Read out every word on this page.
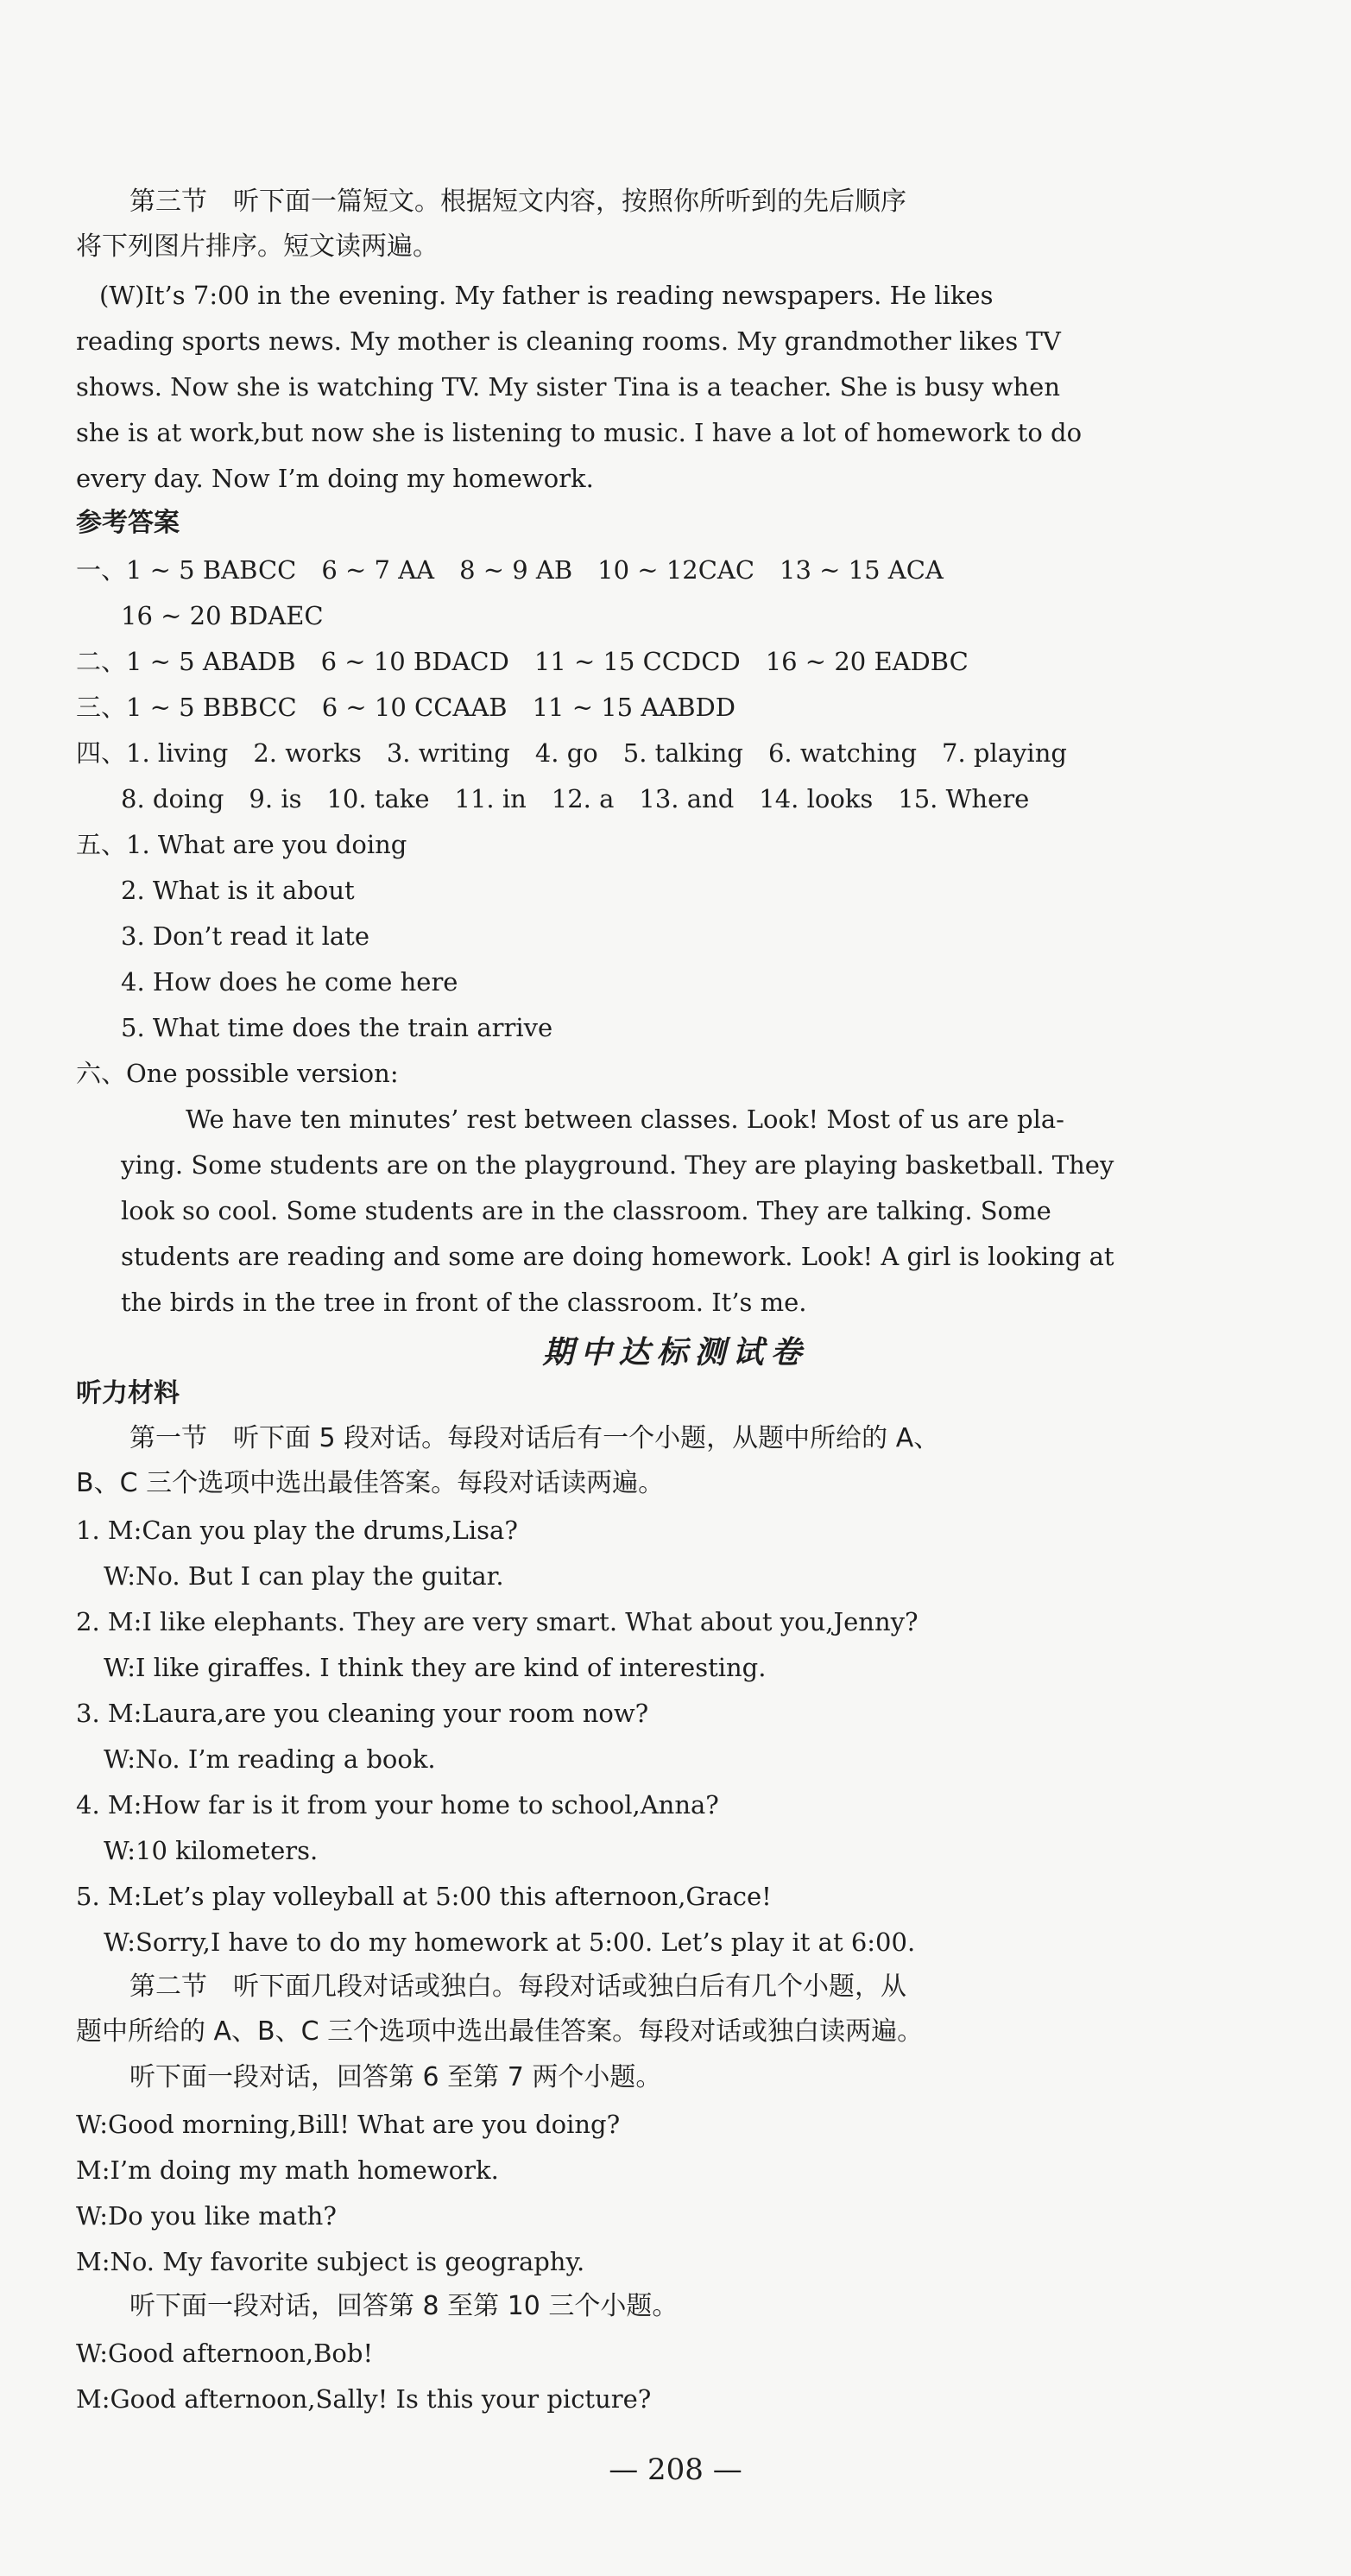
第三节　听下面一篇短文。根据短文内容，按照你所听到的先后顺序
将下列图片排序。短文读两遍。
(W)It’s 7:00 in the evening. My father is reading newspapers. He likes
reading sports news. My mother is cleaning rooms. My grandmother likes TV
shows. Now she is watching TV. My sister Tina is a teacher. She is busy when
she is at work,but now she is listening to music. I have a lot of homework to do
every day. Now I’m doing my homework.
参考答案
一、1 ~ 5 BABCC　6 ~ 7 AA　8 ~ 9 AB　10 ~ 12CAC　13 ~ 15 ACA
16 ~ 20 BDAEC
二、1 ~ 5 ABADB　6 ~ 10 BDACD　11 ~ 15 CCDCD　16 ~ 20 EADBC
三、1 ~ 5 BBBCC　6 ~ 10 CCAAB　11 ~ 15 AABDD
四、1. living　2. works　3. writing　4. go　5. talking　6. watching　7. playing
8. doing　9. is　10. take　11. in　12. a　13. and　14. looks　15. Where
五、1. What are you doing
2. What is it about
3. Don’t read it late
4. How does he come here
5. What time does the train arrive
六、One possible version:
We have ten minutes’ rest between classes. Look! Most of us are pla-
ying. Some students are on the playground. They are playing basketball. They
look so cool. Some students are in the classroom. They are talking. Some
students are reading and some are doing homework. Look! A girl is looking at
the birds in the tree in front of the classroom. It’s me.
期中达标测试卷
听力材料
第一节　听下面 5 段对话。每段对话后有一个小题，从题中所给的 A、
B、C 三个选项中选出最佳答案。每段对话读两遍。
1. M:Can you play the drums,Lisa?
W:No. But I can play the guitar.
2. M:I like elephants. They are very smart. What about you,Jenny?
W:I like giraffes. I think they are kind of interesting.
3. M:Laura,are you cleaning your room now?
W:No. I’m reading a book.
4. M:How far is it from your home to school,Anna?
W:10 kilometers.
5. M:Let’s play volleyball at 5:00 this afternoon,Grace!
W:Sorry,I have to do my homework at 5:00. Let’s play it at 6:00.
第二节　听下面几段对话或独白。每段对话或独白后有几个小题，从
题中所给的 A、B、C 三个选项中选出最佳答案。每段对话或独白读两遍。
听下面一段对话，回答第 6 至第 7 两个小题。
W:Good morning,Bill! What are you doing?
M:I’m doing my math homework.
W:Do you like math?
M:No. My favorite subject is geography.
听下面一段对话，回答第 8 至第 10 三个小题。
W:Good afternoon,Bob!
M:Good afternoon,Sally! Is this your picture?
— 208 —
